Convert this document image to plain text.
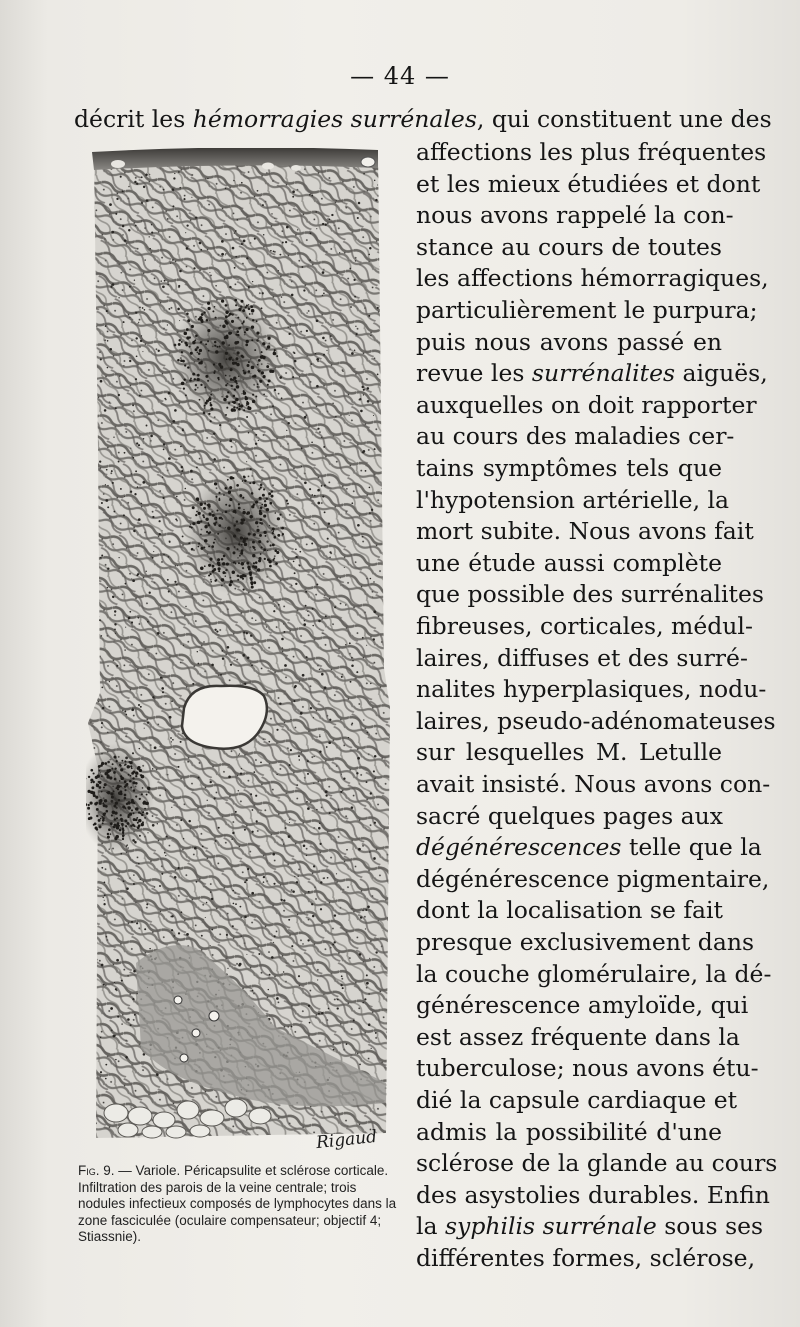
— 44 —
décrit les hémorragies surrénales, qui constituent une des
affections les plus fréquentes
et les mieux étudiées et dont
nous avons rappelé la con-
stance au cours de toutes
les affections hémorragiques,
particulièrement le purpura;
puis nous avons passé en
revue les surrénalites aiguës,
auxquelles on doit rapporter
au cours des maladies cer-
tains symptômes tels que
l'hypotension artérielle, la
mort subite. Nous avons fait
une étude aussi complète
que possible des surrénalites
fibreuses, corticales, médul-
laires, diffuses et des surré-
nalites hyperplasiques, nodu-
laires, pseudo-adénomateuses
sur lesquelles M. Letulle
avait insisté. Nous avons con-
sacré quelques pages aux
dégénérescences telle que la
dégénérescence pigmentaire,
dont la localisation se fait
presque exclusivement dans
la couche glomérulaire, la dé-
générescence amyloïde, qui
est assez fréquente dans la
tuberculose; nous avons étu-
dié la capsule cardiaque et
admis la possibilité d'une
sclérose de la glande au cours
des asystolies durables. Enfin
la syphilis surrénale sous ses
différentes formes, sclérose,
Rigaud
Fig. 9. — Variole. Péricapsulite et sclérose corticale. Infiltration des parois de la veine centrale; trois nodules infectieux composés de lymphocytes dans la zone fasciculée (oculaire compensateur; objectif 4; Stiassnie).
